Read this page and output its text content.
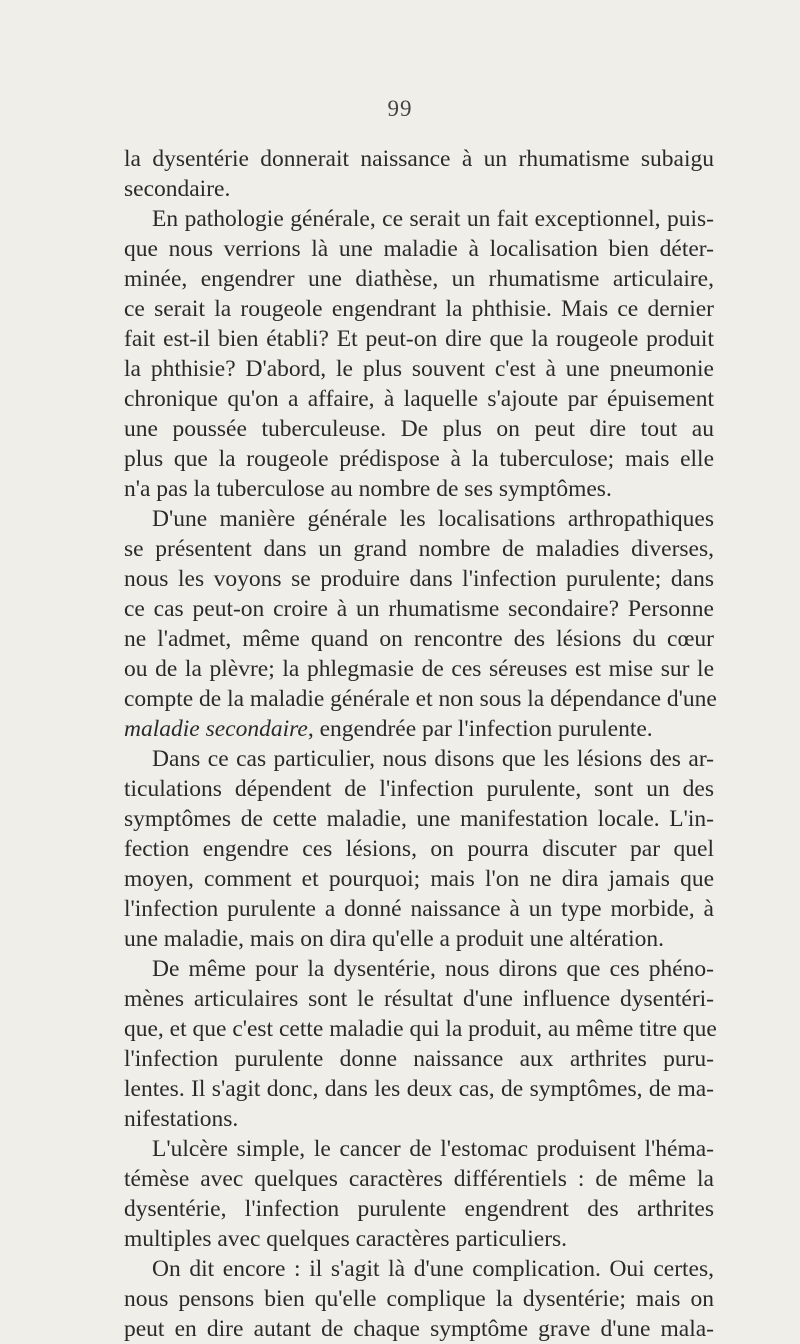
99
la dysentérie donnerait naissance à un rhumatisme subaigu
secondaire.
En pathologie générale, ce serait un fait exceptionnel, puis-
que nous verrions là une maladie à localisation bien déter-
minée, engendrer une diathèse, un rhumatisme articulaire,
ce serait la rougeole engendrant la phthisie. Mais ce dernier
fait est-il bien établi? Et peut-on dire que la rougeole produit
la phthisie? D'abord, le plus souvent c'est à une pneumonie
chronique qu'on a affaire, à laquelle s'ajoute par épuisement
une poussée tuberculeuse. De plus on peut dire tout au
plus que la rougeole prédispose à la tuberculose; mais elle
n'a pas la tuberculose au nombre de ses symptômes.
D'une manière générale les localisations arthropathiques
se présentent dans un grand nombre de maladies diverses,
nous les voyons se produire dans l'infection purulente; dans
ce cas peut-on croire à un rhumatisme secondaire? Personne
ne l'admet, même quand on rencontre des lésions du cœur
ou de la plèvre; la phlegmasie de ces séreuses est mise sur le
compte de la maladie générale et non sous la dépendance d'une
maladie secondaire, engendrée par l'infection purulente.
Dans ce cas particulier, nous disons que les lésions des ar-
ticulations dépendent de l'infection purulente, sont un des
symptômes de cette maladie, une manifestation locale. L'in-
fection engendre ces lésions, on pourra discuter par quel
moyen, comment et pourquoi; mais l'on ne dira jamais que
l'infection purulente a donné naissance à un type morbide, à
une maladie, mais on dira qu'elle a produit une altération.
De même pour la dysentérie, nous dirons que ces phéno-
mènes articulaires sont le résultat d'une influence dysentéri-
que, et que c'est cette maladie qui la produit, au même titre que
l'infection purulente donne naissance aux arthrites puru-
lentes. Il s'agit donc, dans les deux cas, de symptômes, de ma-
nifestations.
L'ulcère simple, le cancer de l'estomac produisent l'héma-
témèse avec quelques caractères différentiels : de même la
dysentérie, l'infection purulente engendrent des arthrites
multiples avec quelques caractères particuliers.
On dit encore : il s'agit là d'une complication. Oui certes,
nous pensons bien qu'elle complique la dysentérie; mais on
peut en dire autant de chaque symptôme grave d'une mala-
